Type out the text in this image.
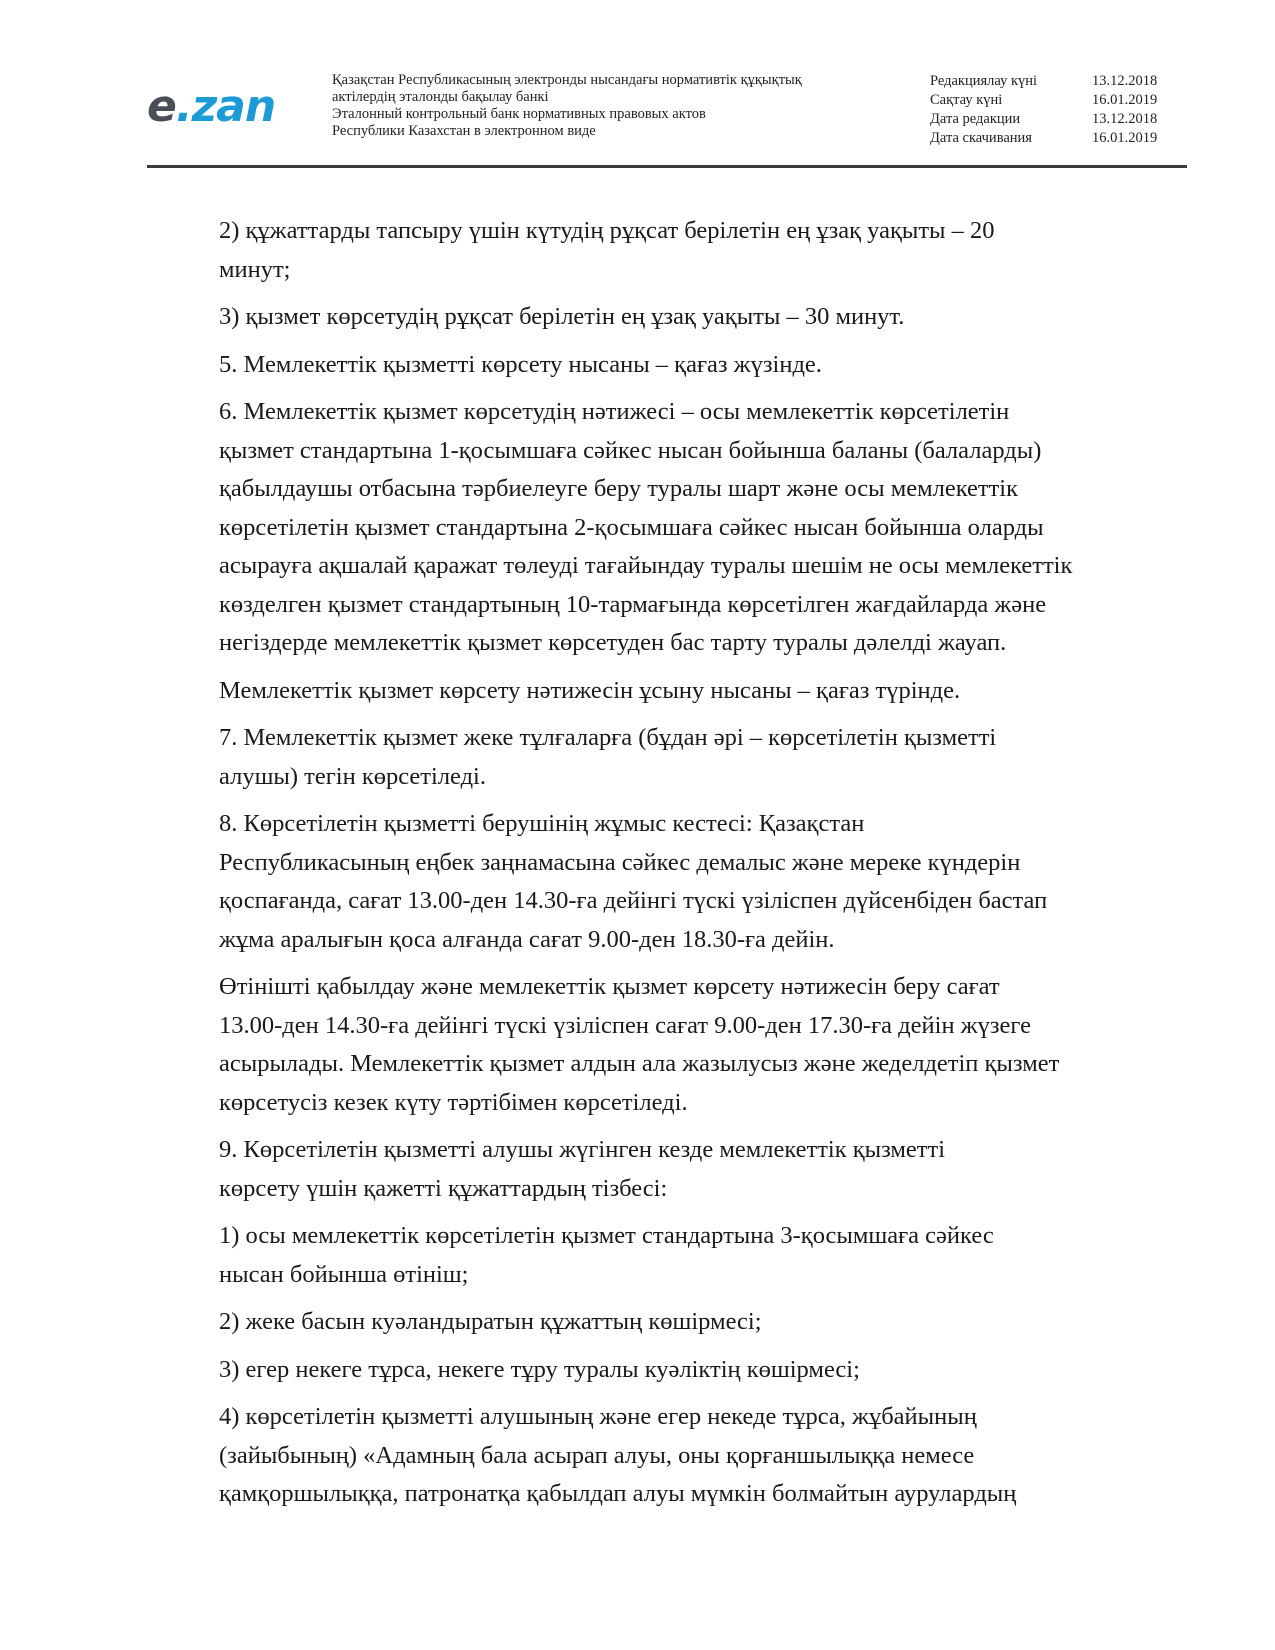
e.zan
Қазақстан Республикасының электронды нысандағы нормативтік құқықтық
актілердің эталонды бақылау банкі
Эталонный контрольный банк нормативных правовых актов
Республики Казахстан в электронном виде
Редакциялау күні	13.12.2018
Сақтау күні	16.01.2019
Дата редакции	13.12.2018
Дата скачивания	16.01.2019

2) құжаттарды тапсыру үшін күтудің рұқсат берілетін ең ұзақ уақыты – 20
минут;

3) қызмет көрсетудің рұқсат берілетін ең ұзақ уақыты – 30 минут.

5. Мемлекеттік қызметті көрсету нысаны – қағаз жүзінде.

6. Мемлекеттік қызмет көрсетудің нәтижесі – осы мемлекеттік көрсетілетін
қызмет стандартына 1-қосымшаға сәйкес нысан бойынша баланы (балаларды)
қабылдаушы отбасына тәрбиелеуге беру туралы шарт және осы мемлекеттік
көрсетілетін қызмет стандартына 2-қосымшаға сәйкес нысан бойынша оларды
асырауға ақшалай қаражат төлеуді тағайындау туралы шешім не осы мемлекеттік
көзделген қызмет стандартының 10-тармағында көрсетілген жағдайларда және
негіздерде мемлекеттік қызмет көрсетуден бас тарту туралы дәлелді жауап.

Мемлекеттік қызмет көрсету нәтижесін ұсыну нысаны – қағаз түрінде.

7. Мемлекеттік қызмет жеке тұлғаларға (бұдан әрі – көрсетілетін қызметті
алушы) тегін көрсетіледі.

8. Көрсетілетін қызметті берушінің жұмыс кестесі: Қазақстан
Республикасының еңбек заңнамасына сәйкес демалыс және мереке күндерін
қоспағанда, сағат 13.00-ден 14.30-ға дейінгі түскі үзіліспен дүйсенбіден бастап
жұма аралығын қоса алғанда сағат 9.00-ден 18.30-ға дейін.

Өтінішті қабылдау және мемлекеттік қызмет көрсету нәтижесін беру сағат
13.00-ден 14.30-ға дейінгі түскі үзіліспен сағат 9.00-ден 17.30-ға дейін жүзеге
асырылады. Мемлекеттік қызмет алдын ала жазылусыз және жеделдетіп қызмет
көрсетусіз кезек күту тәртібімен көрсетіледі.

9. Көрсетілетін қызметті алушы жүгінген кезде мемлекеттік қызметті
көрсету үшін қажетті құжаттардың тізбесі:

1) осы мемлекеттік көрсетілетін қызмет стандартына 3-қосымшаға сәйкес
нысан бойынша өтініш;

2) жеке басын куәландыратын құжаттың көшірмесі;

3) егер некеге тұрса, некеге тұру туралы куәліктің көшірмесі;

4) көрсетілетін қызметті алушының және егер некеде тұрса, жұбайының
(зайыбының) «Адамның бала асырап алуы, оны қорғаншылыққа немесе
қамқоршылыққа, патронатқа қабылдап алуы мүмкін болмайтын аурулардың
